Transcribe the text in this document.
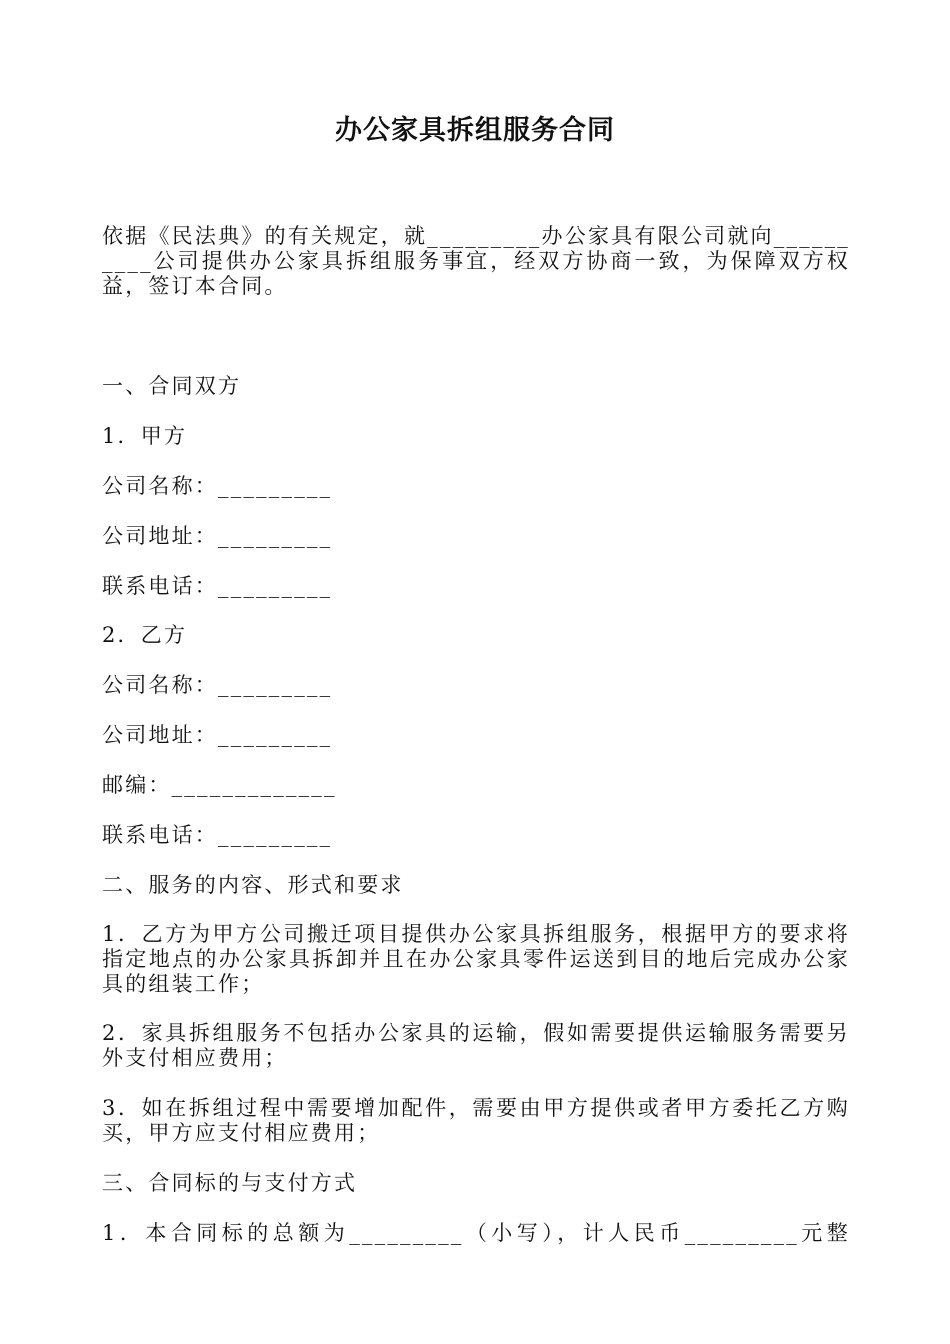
办公家具拆组服务合同
依据《民法典》的有关规定，就_________办公家具有限公司就向__________公司提供办公家具拆组服务事宜，经双方协商一致，为保障双方权益，签订本合同。
一、合同双方
1．甲方
公司名称：_________
公司地址：_________
联系电话：_________
2．乙方
公司名称：_________
公司地址：_________
邮编：_____________
联系电话：_________
二、服务的内容、形式和要求
1．乙方为甲方公司搬迁项目提供办公家具拆组服务，根据甲方的要求将指定地点的办公家具拆卸并且在办公家具零件运送到目的地后完成办公家具的组装工作；
2．家具拆组服务不包括办公家具的运输，假如需要提供运输服务需要另外支付相应费用；
3．如在拆组过程中需要增加配件，需要由甲方提供或者甲方委托乙方购买，甲方应支付相应费用；
三、合同标的与支付方式
1．本合同标的总额为_________（小写），计人民币_________元整
